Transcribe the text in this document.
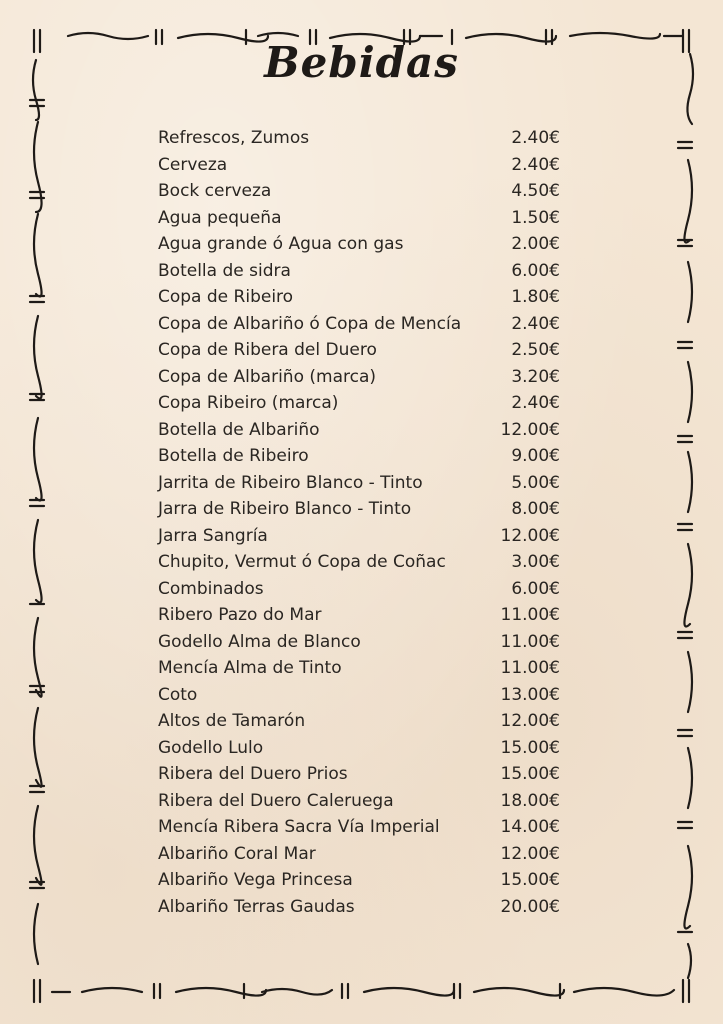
Bebidas
Refrescos, Zumos	2.40€
Cerveza	2.40€
Bock cerveza	4.50€
Agua pequeña	1.50€
Agua grande ó Agua con gas	2.00€
Botella de sidra	6.00€
Copa de Ribeiro	1.80€
Copa de Albariño ó Copa de Mencía	2.40€
Copa de Ribera del Duero	2.50€
Copa de Albariño (marca)	3.20€
Copa Ribeiro (marca)	2.40€
Botella de Albariño	12.00€
Botella de Ribeiro	9.00€
Jarrita de Ribeiro Blanco - Tinto	5.00€
Jarra de Ribeiro Blanco - Tinto	8.00€
Jarra Sangría	12.00€
Chupito, Vermut ó Copa de Coñac	3.00€
Combinados	6.00€
Ribero Pazo do Mar	11.00€
Godello Alma de Blanco	11.00€
Mencía Alma de Tinto	11.00€
Coto	13.00€
Altos de Tamarón	12.00€
Godello Lulo	15.00€
Ribera del Duero Prios	15.00€
Ribera del Duero Caleruega	18.00€
Mencía Ribera Sacra Vía Imperial	14.00€
Albariño Coral Mar	12.00€
Albariño Vega Princesa	15.00€
Albariño Terras Gaudas	20.00€
